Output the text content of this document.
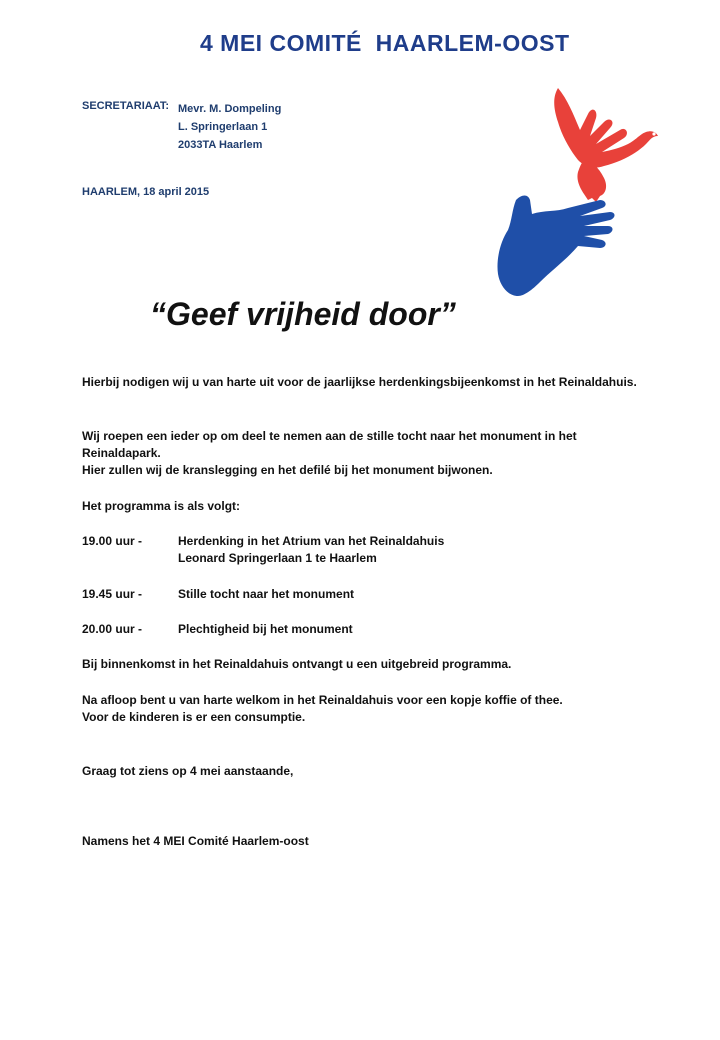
4 MEI COMITÉ  HAARLEM-OOST
SECRETARIAAT: Mevr. M. Dompeling
L. Springerlaan 1
2033TA Haarlem
HAARLEM, 18 april 2015
“Geef vrijheid door”

Hierbij nodigen wij u van harte uit voor de jaarlijkse herdenkingsbijeenkomst in het Reinaldahuis.

Wij roepen een ieder op om deel te nemen aan de stille tocht naar het monument in het Reinaldapark.

Hier zullen wij de kranslegging en het defilé bij het monument bijwonen.

Het programma is als volgt:
19.00 uur -	Herdenking in het Atrium van het Reinaldahuis
Leonard Springerlaan 1 te Haarlem
19.45 uur -	Stille tocht naar het monument
20.00 uur -	Plechtigheid bij het monument
Bij binnenkomst in het Reinaldahuis ontvangt u een uitgebreid programma.

Na afloop bent u van harte welkom in het Reinaldahuis voor een kopje koffie of thee.

Voor de kinderen is er een consumptie.

Graag tot ziens op 4 mei aanstaande,
Namens het 4 MEI Comité Haarlem-oost
